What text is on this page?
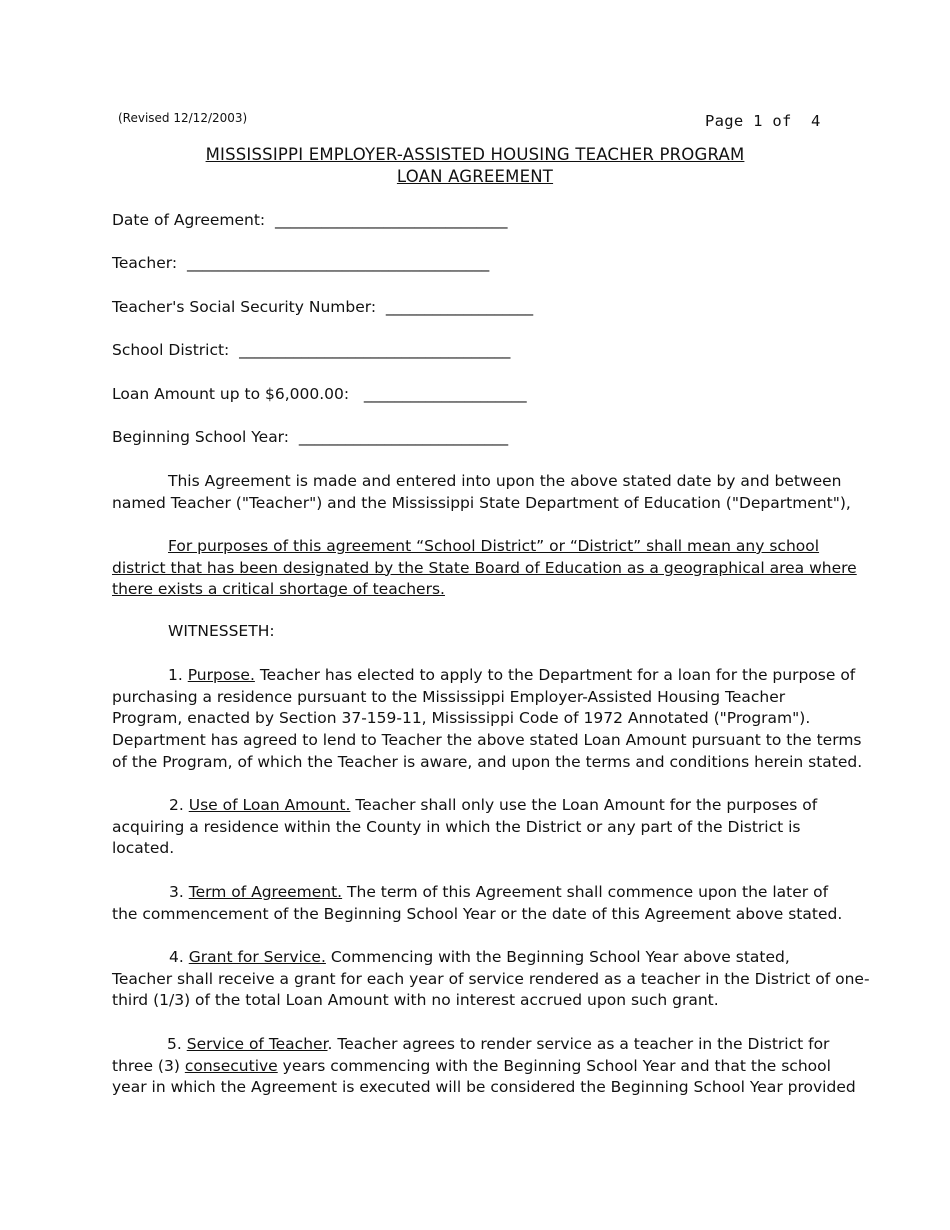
(Revised 12/12/2003)	Page 1 of  4
MISSISSIPPI EMPLOYER-ASSISTED HOUSING TEACHER PROGRAM
LOAN AGREEMENT
Date of Agreement: ______________________________
Teacher: _______________________________________
Teacher's Social Security Number: ___________________
School District: ___________________________________
Loan Amount up to $6,000.00: _____________________
Beginning School Year: ___________________________
This Agreement is made and entered into upon the above stated date by and between
named Teacher ("Teacher") and the Mississippi State Department of Education ("Department"),
For purposes of this agreement “School District” or “District” shall mean any school
district that has been designated by the State Board of Education as a geographical area where
there exists a critical shortage of teachers.
WITNESSETH:
1. Purpose. Teacher has elected to apply to the Department for a loan for the purpose of
purchasing a residence pursuant to the Mississippi Employer-Assisted Housing Teacher
Program, enacted by Section 37-159-11, Mississippi Code of 1972 Annotated ("Program").
Department has agreed to lend to Teacher the above stated Loan Amount pursuant to the terms
of the Program, of which the Teacher is aware, and upon the terms and conditions herein stated.
2. Use of Loan Amount. Teacher shall only use the Loan Amount for the purposes of
acquiring a residence within the County in which the District or any part of the District is
located.
3. Term of Agreement. The term of this Agreement shall commence upon the later of
the commencement of the Beginning School Year or the date of this Agreement above stated.
4. Grant for Service. Commencing with the Beginning School Year above stated,
Teacher shall receive a grant for each year of service rendered as a teacher in the District of one-
third (1/3) of the total Loan Amount with no interest accrued upon such grant.
5. Service of Teacher. Teacher agrees to render service as a teacher in the District for
three (3) consecutive years commencing with the Beginning School Year and that the school
year in which the Agreement is executed will be considered the Beginning School Year provided
